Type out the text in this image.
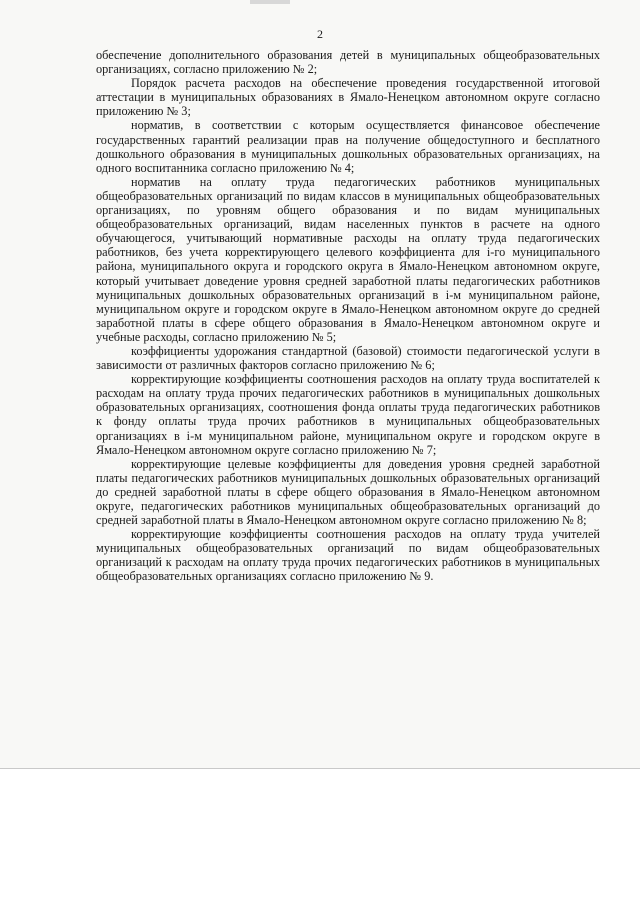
2

обеспечение дополнительного образования детей в муниципальных общеобразовательных организациях, согласно приложению № 2;

Порядок расчета расходов на обеспечение проведения государственной итоговой аттестации в муниципальных образованиях в Ямало-Ненецком автономном округе согласно приложению № 3;

норматив, в соответствии с которым осуществляется финансовое обеспечение государственных гарантий реализации прав на получение общедоступного и бесплатного дошкольного образования в муниципальных дошкольных образовательных организациях, на одного воспитанника согласно приложению № 4;

норматив на оплату труда педагогических работников муниципальных общеобразовательных организаций по видам классов в муниципальных общеобразовательных организациях, по уровням общего образования и по видам муниципальных общеобразовательных организаций, видам населенных пунктов в расчете на одного обучающегося, учитывающий нормативные расходы на оплату труда педагогических работников, без учета корректирующего целевого коэффициента для i-го муниципального района, муниципального округа и городского округа в Ямало-Ненецком автономном округе, который учитывает доведение уровня средней заработной платы педагогических работников муниципальных дошкольных образовательных организаций в i-м муниципальном районе, муниципальном округе и городском округе в Ямало-Ненецком автономном округе до средней заработной платы в сфере общего образования в Ямало-Ненецком автономном округе и учебные расходы, согласно приложению № 5;

коэффициенты удорожания стандартной (базовой) стоимости педагогической услуги в зависимости от различных факторов согласно приложению № 6;

корректирующие коэффициенты соотношения расходов на оплату труда воспитателей к расходам на оплату труда прочих педагогических работников в муниципальных дошкольных образовательных организациях, соотношения фонда оплаты труда педагогических работников к фонду оплаты труда прочих работников в муниципальных общеобразовательных организациях в i-м муниципальном районе, муниципальном округе и городском округе в Ямало-Ненецком автономном округе согласно приложению № 7;

корректирующие целевые коэффициенты для доведения уровня средней заработной платы педагогических работников муниципальных дошкольных образовательных организаций до средней заработной платы в сфере общего образования в Ямало-Ненецком автономном округе, педагогических работников муниципальных общеобразовательных организаций до средней заработной платы в Ямало-Ненецком автономном округе согласно приложению № 8;

корректирующие коэффициенты соотношения расходов на оплату труда учителей муниципальных общеобразовательных организаций по видам общеобразовательных организаций к расходам на оплату труда прочих педагогических работников в муниципальных общеобразовательных организациях согласно приложению № 9.
